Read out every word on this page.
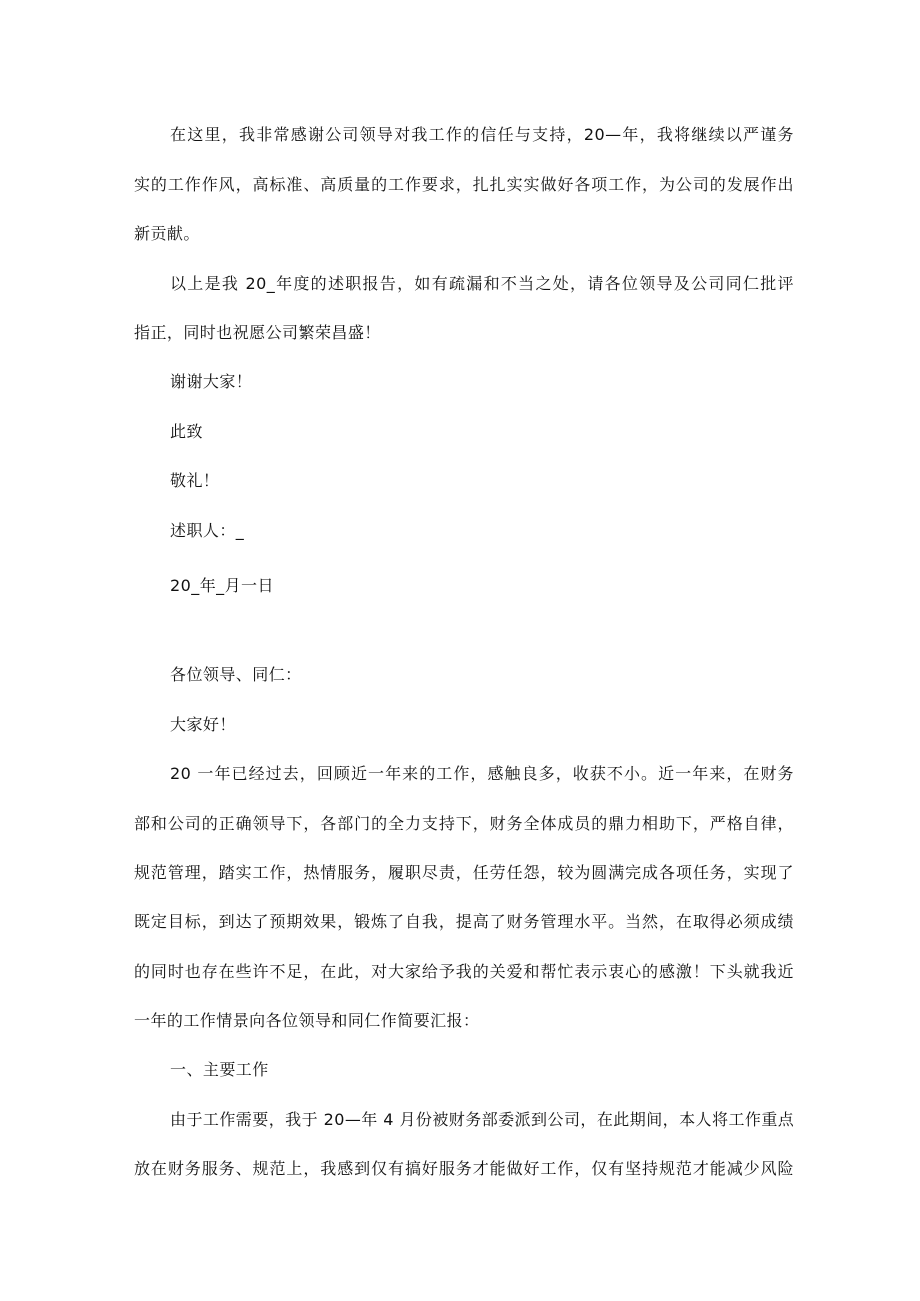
在这里，我非常感谢公司领导对我工作的信任与支持，20—年，我将继续以严谨务
实的工作作风，高标准、高质量的工作要求，扎扎实实做好各项工作，为公司的发展作出
新贡献。
以上是我 20_年度的述职报告，如有疏漏和不当之处，请各位领导及公司同仁批评
指正，同时也祝愿公司繁荣昌盛！
谢谢大家！
此致
敬礼！
述职人：_
20_年_月一日
各位领导、同仁：
大家好！
20 一年已经过去，回顾近一年来的工作，感触良多，收获不小。近一年来，在财务
部和公司的正确领导下，各部门的全力支持下，财务全体成员的鼎力相助下，严格自律，
规范管理，踏实工作，热情服务，履职尽责，任劳任怨，较为圆满完成各项任务，实现了
既定目标，到达了预期效果，锻炼了自我，提高了财务管理水平。当然，在取得必须成绩
的同时也存在些许不足，在此，对大家给予我的关爱和帮忙表示衷心的感激！下头就我近
一年的工作情景向各位领导和同仁作简要汇报：
一、主要工作
由于工作需要，我于 20—年 4 月份被财务部委派到公司，在此期间，本人将工作重点
放在财务服务、规范上，我感到仅有搞好服务才能做好工作，仅有坚持规范才能减少风险
